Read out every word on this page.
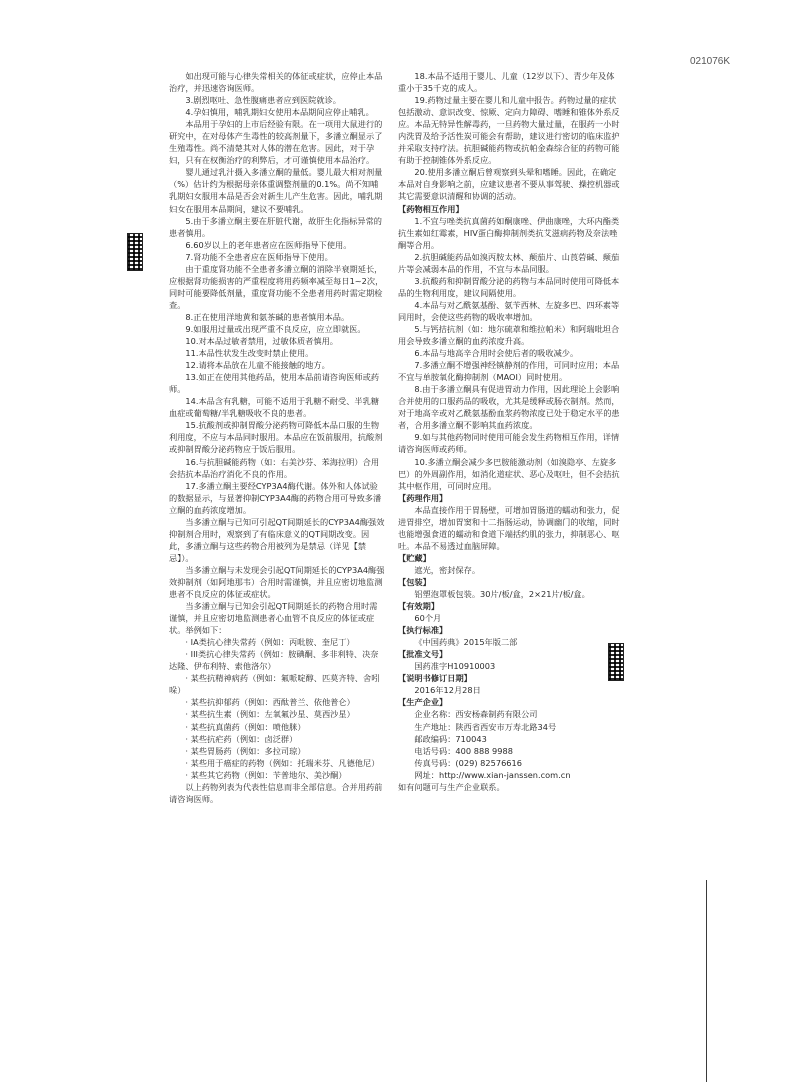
021076K

如出现可能与心律失常相关的体征或症状，应停止本品治疗，并迅速咨询医师。

3.剧烈呕吐、急性腹痛患者应到医院就诊。

4.孕妇慎用，哺乳期妇女使用本品期间应停止哺乳。

本品用于孕妇的上市后经验有限。在一项用大鼠进行的研究中，在对母体产生毒性的较高剂量下，多潘立酮显示了生殖毒性。尚不清楚其对人体的潜在危害。因此，对于孕妇，只有在权衡治疗的利弊后，才可谨慎使用本品治疗。

婴儿通过乳汁摄入多潘立酮的量低。婴儿最大相对剂量（%）估计约为根据母亲体重调整剂量的0.1%。尚不知哺乳期妇女服用本品是否会对新生儿产生危害。因此，哺乳期妇女在服用本品期间，建议不要哺乳。

5.由于多潘立酮主要在肝脏代谢，故肝生化指标异常的患者慎用。

6.60岁以上的老年患者应在医师指导下使用。

7.肾功能不全患者应在医师指导下使用。

由于重度肾功能不全患者多潘立酮的消除半衰期延长，应根据肾功能损害的严重程度将用药频率减至每日1~2次，同时可能要降低剂量，重度肾功能不全患者用药时需定期检查。

8.正在使用洋地黄和氨茶碱的患者慎用本品。

9.如服用过量或出现严重不良反应，应立即就医。

10.对本品过敏者禁用，过敏体质者慎用。

11.本品性状发生改变时禁止使用。

12.请将本品放在儿童不能接触的地方。

13.如正在使用其他药品，使用本品前请咨询医师或药师。

14.本品含有乳糖，可能不适用于乳糖不耐受、半乳糖血症或葡萄糖/半乳糖吸收不良的患者。

15.抗酸剂或抑制胃酸分泌药物可降低本品口服的生物利用度，不应与本品同时服用。本品应在饭前服用，抗酸剂或抑制胃酸分泌药物应于饭后服用。

16.与抗胆碱能药物（如：右美沙芬、苯海拉明）合用会拮抗本品治疗消化不良的作用。

17.多潘立酮主要经CYP3A4酶代谢。体外和人体试验的数据显示，与显著抑制CYP3A4酶的药物合用可导致多潘立酮的血药浓度增加。

当多潘立酮与已知可引起QT间期延长的CYP3A4酶强效抑制剂合用时，观察到了有临床意义的QT间期改变。因此，多潘立酮与这些药物合用被列为是禁忌（详见【禁忌】）。

当多潘立酮与未发现会引起QT间期延长的CYP3A4酶强效抑制剂（如阿地那韦）合用时需谨慎，并且应密切地监测患者不良反应的体征或症状。

当多潘立酮与已知会引起QT间期延长的药物合用时需谨慎，并且应密切地监测患者心血管不良反应的体征或症状。举例如下：

· IA类抗心律失常药（例如：丙吡胺、奎尼丁）

· III类抗心律失常药（例如：胺碘酮、多非利特、决奈达隆、伊布利特、索他洛尔）

· 某些抗精神病药（例如：氟哌啶醇、匹莫齐特、舍吲哚）

· 某些抗抑郁药（例如：西酞普兰、依他普仑）

· 某些抗生素（例如：左氧氟沙星、莫西沙星）

· 某些抗真菌药（例如：喷他脒）

· 某些抗疟药（例如：卤泛群）

· 某些胃肠药（例如：多拉司琼）

· 某些用于癌症的药物（例如：托瑞米芬、凡德他尼）

· 某些其它药物（例如：苄普地尔、美沙酮）

以上药物列表为代表性信息而非全部信息。合并用药前请咨询医师。

18.本品不适用于婴儿、儿童（12岁以下）、青少年及体重小于35千克的成人。

19.药物过量主要在婴儿和儿童中报告。药物过量的症状包括激动、意识改变、惊厥、定向力障碍、嗜睡和锥体外系反应。本品无特异性解毒药，一旦药物大量过量，在服药一小时内洗胃及给予活性炭可能会有帮助，建议进行密切的临床监护并采取支持疗法。抗胆碱能药物或抗帕金森综合征的药物可能有助于控制锥体外系反应。

20.使用多潘立酮后曾观察到头晕和嗜睡。因此，在确定本品对自身影响之前，应建议患者不要从事驾驶、操控机器或其它需要意识清醒和协调的活动。

【药物相互作用】

1.不宜与唑类抗真菌药如酮康唑、伊曲康唑，大环内酯类抗生素如红霉素，HIV蛋白酶抑制剂类抗艾滋病药物及奈法唑酮等合用。

2.抗胆碱能药品如溴丙胺太林、颠茄片、山莨菪碱、颠茄片等会减弱本品的作用，不宜与本品同服。

3.抗酸药和抑制胃酸分泌的药物与本品同时使用可降低本品的生物利用度，建议间隔使用。

4.本品与对乙酰氨基酚、氨苄西林、左旋多巴、四环素等同用时，会使这些药物的吸收率增加。

5.与钙拮抗剂（如：地尔硫䓬和维拉帕米）和阿瑞吡坦合用会导致多潘立酮的血药浓度升高。

6.本品与地高辛合用时会使后者的吸收减少。

7.多潘立酮不增强神经镇静剂的作用，可同时应用；本品不宜与单胺氧化酶抑制剂（MAOI）同时使用。

8.由于多潘立酮具有促进胃动力作用，因此理论上会影响合并使用的口服药品的吸收，尤其是缓释或肠衣制剂。然而，对于地高辛或对乙酰氨基酚血浆药物浓度已处于稳定水平的患者，合用多潘立酮不影响其血药浓度。

9.如与其他药物同时使用可能会发生药物相互作用，详情请咨询医师或药师。

10.多潘立酮会减少多巴胺能激动剂（如溴隐亭、左旋多巴）的外周副作用，如消化道症状、恶心及呕吐，但不会拮抗其中枢作用，可同时应用。

【药理作用】

本品直接作用于胃肠壁，可增加胃肠道的蠕动和张力，促进胃排空，增加胃窦和十二指肠运动，协调幽门的收缩，同时也能增强食道的蠕动和食道下端括约肌的张力，抑制恶心、呕吐。本品不易透过血脑屏障。

【贮藏】

遮光，密封保存。

【包装】

铝塑泡罩板包装。30片/板/盒，2×21片/板/盒。

【有效期】

60个月

【执行标准】

《中国药典》2015年版二部

【批准文号】

国药准字H10910003

【说明书修订日期】

2016年12月28日

【生产企业】

企业名称：西安杨森制药有限公司

生产地址：陕西省西安市万寿北路34号

邮政编码：710043

电话号码：400 888 9988

传真号码：(029) 82576616

网址：http://www.xian-janssen.com.cn

如有问题可与生产企业联系。
